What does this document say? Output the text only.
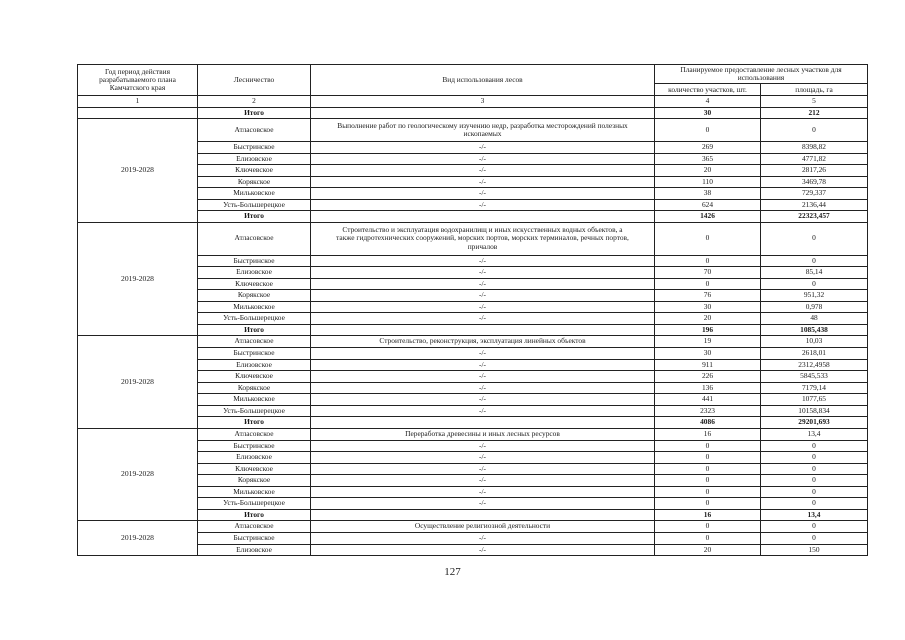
Год период действия разрабатываемого плана Камчатского края	Лесничество	Вид использования лесов	Планируемое предоставление лесных участков для использования	
			количество участков, шт.	площадь, га
1	2	3	4	5
	Итого		30	212
2019-2028	Атласовское	Выполнение работ по геологическому изучению недр, разработка месторождений полезных ископаемых	0	0
	Быстринское	-/-	269	8398,82
	Елизовское	-/-	365	4771,82
	Ключевское	-/-	20	2817,26
	Корякское	-/-	110	3469,78
	Мильковское	-/-	38	729,337
	Усть-Большерецкое	-/-	624	2136,44
	Итого		1426	22323,457
2019-2028	Атласовское	Строительство и эксплуатация водохранилищ и иных искусственных водных объектов, а также гидротехнических сооружений, морских портов, морских терминалов, речных портов, причалов	0	0
	Быстринское	-/-	0	0
	Елизовское	-/-	70	85,14
	Ключевское	-/-	0	0
	Корякское	-/-	76	951,32
	Мильковское	-/-	30	0,978
	Усть-Большерецкое	-/-	20	48
	Итого		196	1085,438
2019-2028	Атласовское	Строительство, реконструкция, эксплуатация линейных объектов	19	10,03
	Быстринское	-/-	30	2618,01
	Елизовское	-/-	911	2312,4958
	Ключевское	-/-	226	5845,533
	Корякское	-/-	136	7179,14
	Мильковское	-/-	441	1077,65
	Усть-Большерецкое	-/-	2323	10158,834
	Итого		4086	29201,693
2019-2028	Атласовское	Переработка древесины и иных лесных ресурсов	16	13,4
	Быстринское	-/-	0	0
	Елизовское	-/-	0	0
	Ключевское	-/-	0	0
	Корякское	-/-	0	0
	Мильковское	-/-	0	0
	Усть-Большерецкое	-/-	0	0
	Итого		16	13,4
2019-2028	Атласовское	Осуществление религиозной деятельности	0	0
	Быстринское	-/-	0	0
	Елизовское	-/-	20	150
127
